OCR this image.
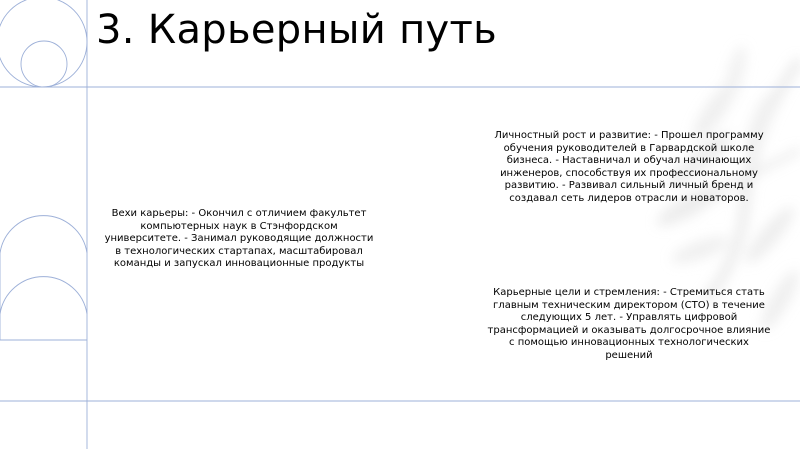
3. Карьерный путь

Вехи карьеры: - Окончил с отличием факультет компьютерных наук в Стэнфордском университете. - Занимал руководящие должности в технологических стартапах, масштабировал команды и запускал инновационные продукты

Личностный рост и развитие: - Прошел программу обучения руководителей в Гарвардской школе бизнеса. - Наставничал и обучал начинающих инженеров, способствуя их профессиональному развитию. - Развивал сильный личный бренд и создавал сеть лидеров отрасли и новаторов.

Карьерные цели и стремления: - Стремиться стать главным техническим директором (CTO) в течение следующих 5 лет. - Управлять цифровой трансформацией и оказывать долгосрочное влияние с помощью инновационных технологических решений
